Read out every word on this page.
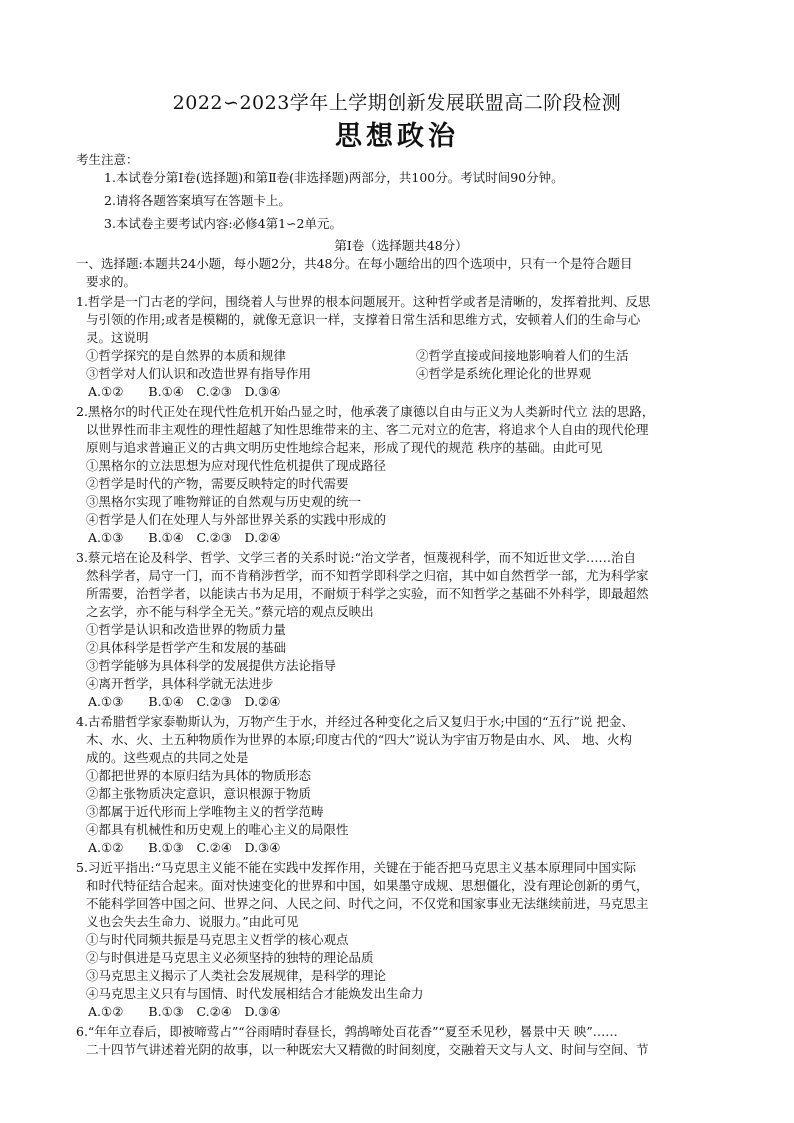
2022∽2023学年上学期创新发展联盟高二阶段检测
思想政治
考生注意：
1.本试卷分第Ⅰ卷(选择题)和第Ⅱ卷(非选择题)两部分，共100分。考试时间90分钟。
2.请将各题答案填写在答题卡上。
3.本试卷主要考试内容:必修4第1∽2单元。
第Ⅰ卷（选择题共48分）
一、选择题:本题共24小题，每小题2分，共48分。在每小题给出的四个选项中，只有一个是符合题目
要求的。
1.哲学是一门古老的学问，围绕着人与世界的根本问题展开。这种哲学或者是清晰的，发挥着批判、反思
与引领的作用;或者是模糊的，就像无意识一样，支撑着日常生活和思维方式，安顿着人们的生命与心
灵。这说明
①哲学探究的是自然界的本质和规律	②哲学直接或间接地影响着人们的生活
③哲学对人们认识和改造世界有指导作用	④哲学是系统化理论化的世界观
A.①②　　B.①④　C.②③　D.③④
2.黑格尔的时代正处在现代性危机开始凸显之时，他承袭了康德以自由与正义为人类新时代立 法的思路，
以世界性而非主观性的理性超越了知性思维带来的主、客二元对立的危害，将追求个人自由的现代伦理
原则与追求普遍正义的古典文明历史性地综合起来，形成了现代的规范 秩序的基础。由此可见
①黑格尔的立法思想为应对现代性危机提供了现成路径
②哲学是时代的产物，需要反映特定的时代需要
③黑格尔实现了唯物辩证的自然观与历史观的统一
④哲学是人们在处理人与外部世界关系的实践中形成的
A.①③　　B.①④　C.②③　D.②④
3.蔡元培在论及科学、哲学、文学三者的关系时说:“治文学者，恒蔑视科学，而不知近世文学……治自
然科学者，局守一门，而不肯稍涉哲学，而不知哲学即科学之归宿，其中如自然哲学一部，尤为科学家
所需要，治哲学者，以能读古书为足用，不耐烦于科学之实验，而不知哲学之基础不外科学，即最超然
之玄学，亦不能与科学全无关。”蔡元培的观点反映出
①哲学是认识和改造世界的物质力量
②具体科学是哲学产生和发展的基础
③哲学能够为具体科学的发展提供方法论指导
④离开哲学，具体科学就无法进步
A.①③　　B.①④　C.②③　D.②④
4.古希腊哲学家泰勒斯认为，万物产生于水，并经过各种变化之后又复归于水;中国的“五行”说 把金、
木、水、火、土五种物质作为世界的本原;印度古代的“四大”说认为宇宙万物是由水、风、 地、火构
成的。这些观点的共同之处是
①都把世界的本原归结为具体的物质形态
②都主张物质决定意识，意识根源于物质
③都属于近代形而上学唯物主义的哲学范畴
④都具有机械性和历史观上的唯心主义的局限性
A.①②　　B.①③　C.②④　D.③④
5.习近平指出:“马克思主义能不能在实践中发挥作用，关键在于能否把马克思主义基本原理同中国实际
和时代特征结合起来。面对快速变化的世界和中国，如果墨守成规、思想僵化，没有理论创新的勇气，
不能科学回答中国之问、世界之问、人民之问、时代之问，不仅党和国家事业无法继续前进，马克思主
义也会失去生命力、说服力。”由此可见
①与时代同频共振是马克思主义哲学的核心观点
②与时俱进是马克思主义必须坚持的独特的理论品质
③马克思主义揭示了人类社会发展规律，是科学的理论
④马克思主义只有与国情、时代发展相结合才能焕发出生命力
A.①②　　B.①③　C.②④　D.③④
6.“年年立春后，即被啼莺占”“谷雨晴时春昼长，鹁鸪啼处百花香”“夏至禾见秒，晷景中天 映”……
二十四节气讲述着光阴的故事，以一种既宏大又精微的时间刻度，交融着天文与人文、时间与空间、节
